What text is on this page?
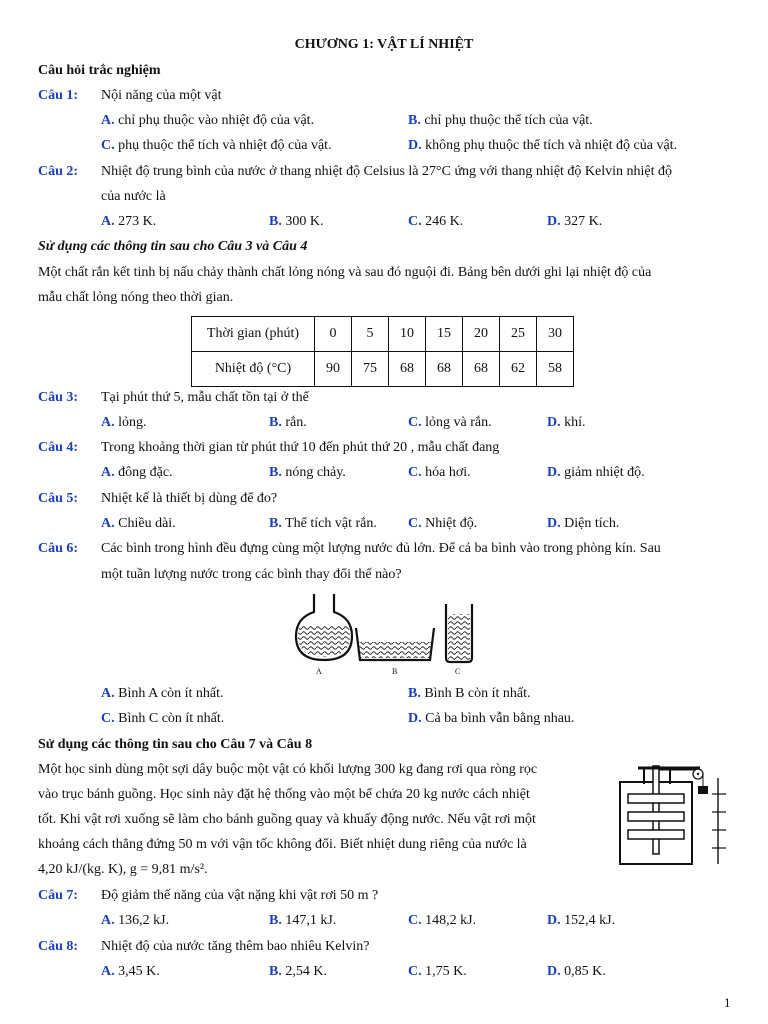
CHƯƠNG 1: VẬT LÍ NHIỆT
Câu hỏi trắc nghiệm
Câu 1: Nội năng của một vật
A. chỉ phụ thuộc vào nhiệt độ của vật.	B. chỉ phụ thuộc thể tích của vật.
C. phụ thuộc thể tích và nhiệt độ của vật.	D. không phụ thuộc thể tích và nhiệt độ của vật.
Câu 2: Nhiệt độ trung bình của nước ở thang nhiệt độ Celsius là 27°C ứng với thang nhiệt độ Kelvin nhiệt độ
của nước là
A. 273 K.	B. 300 K.	C. 246 K.	D. 327 K.
Sử dụng các thông tin sau cho Câu 3 và Câu 4
Một chất rắn kết tinh bị nấu chảy thành chất lỏng nóng và sau đó nguội đi. Bảng bên dưới ghi lại nhiệt độ của
mẫu chất lỏng nóng theo thời gian.
Thời gian (phút)	0	5	10	15	20	25	30
Nhiệt độ (°C)	90	75	68	68	68	62	58
Câu 3: Tại phút thứ 5, mẫu chất tồn tại ở thể
A. lỏng.	B. rắn.	C. lỏng và rắn.	D. khí.
Câu 4: Trong khoảng thời gian từ phút thứ 10 đến phút thứ 20 , mẫu chất đang
A. đông đặc.	B. nóng chảy.	C. hóa hơi.	D. giảm nhiệt độ.
Câu 5: Nhiệt kế là thiết bị dùng để đo?
A. Chiều dài.	B. Thể tích vật rắn. C. Nhiệt độ.	D. Diện tích.
Câu 6: Các bình trong hình đều đựng cùng một lượng nước đủ lớn. Để cả ba bình vào trong phòng kín. Sau
một tuần lượng nước trong các bình thay đổi thế nào?
A	B	C
A. Bình A còn ít nhất.	B. Bình B còn ít nhất.
C. Bình C còn ít nhất.	D. Cả ba bình vẫn bằng nhau.
Sử dụng các thông tin sau cho Câu 7 và Câu 8
Một học sinh dùng một sợi dây buộc một vật có khối lượng 300 kg đang rơi qua ròng rọc
vào trục bánh guồng. Học sinh này đặt hệ thống vào một bể chứa 20 kg nước cách nhiệt
tốt. Khi vật rơi xuống sẽ làm cho bánh guồng quay và khuấy động nước. Nếu vật rơi một
khoảng cách thẳng đứng 50 m với vận tốc không đổi. Biết nhiệt dung riêng của nước là
4,20 kJ/(kg. K), g = 9,81 m/s².
Câu 7: Độ giảm thế năng của vật nặng khi vật rơi 50 m ?
A. 136,2 kJ.	B. 147,1 kJ.	C. 148,2 kJ.	D. 152,4 kJ.
Câu 8: Nhiệt độ của nước tăng thêm bao nhiêu Kelvin?
A. 3,45 K.	B. 2,54 K.	C. 1,75 K.	D. 0,85 K.
1
